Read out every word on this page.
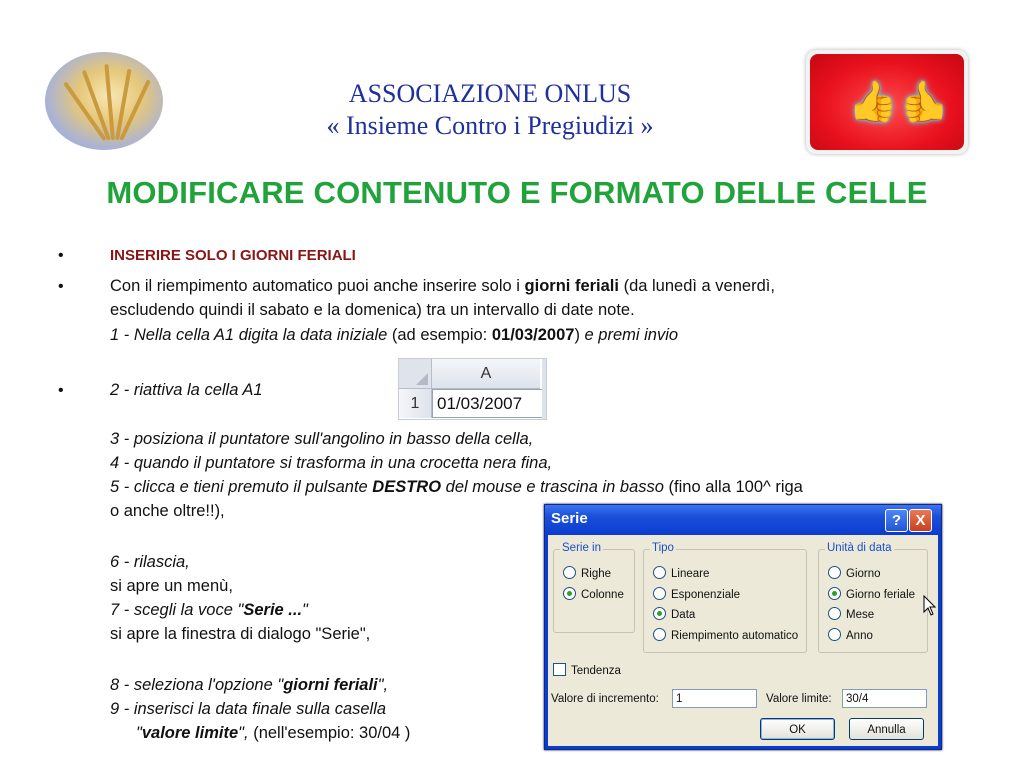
👍 👍
ASSOCIAZIONE ONLUS
« Insieme Contro i Pregiudizi »
MODIFICARE CONTENUTO E FORMATO DELLE CELLE
•	INSERIRE SOLO I GIORNI FERIALI
•	Con il riempimento automatico puoi anche inserire solo i giorni feriali (da lunedì a venerdì,
escludendo quindi il sabato e la domenica) tra un intervallo di date note.
1 - Nella cella A1 digita la data iniziale (ad esempio: 01/03/2007) e premi invio
•	2 - riattiva la cella A1
A
1	01/03/2007
3 - posiziona il puntatore sull'angolino in basso della cella,
4 - quando il puntatore si trasforma in una crocetta nera fina,
5 - clicca e tieni premuto il pulsante DESTRO del mouse e trascina in basso (fino alla 100^ riga
o anche oltre!!),
6 - rilascia,
si apre un menù,
7 - scegli la voce "Serie ..."
si apre la finestra di dialogo "Serie",
8 - seleziona l'opzione "giorni feriali",
9 - inserisci la data finale sulla casella
"valore limite", (nell'esempio: 30/04 )
Serie	? X
Serie in
Righe
Colonne
Tipo
Lineare
Esponenziale
Data
Riempimento automatico
Unità di data
Giorno
Giorno feriale
Mese
Anno
Tendenza
Valore di incremento:	1	Valore limite:	30/4
OK	Annulla
